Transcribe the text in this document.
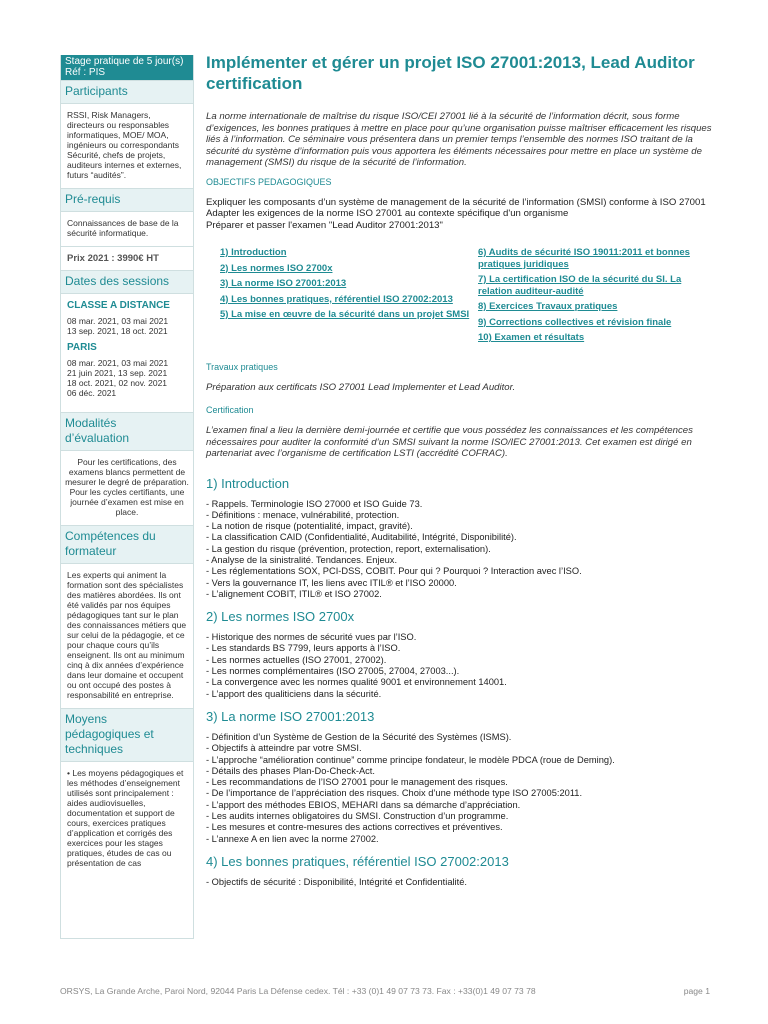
Stage pratique de 5 jour(s)
Réf : PIS
Participants
RSSI, Risk Managers, directeurs ou responsables informatiques, MOE/ MOA, ingénieurs ou correspondants Sécurité, chefs de projets, auditeurs internes et externes, futurs “audités”.
Pré-requis
Connaissances de base de la sécurité informatique.
Prix 2021 : 3990€ HT
Dates des sessions
CLASSE A DISTANCE
08 mar. 2021, 03 mai 2021
13 sep. 2021, 18 oct. 2021
PARIS
08 mar. 2021, 03 mai 2021
21 juin 2021, 13 sep. 2021
18 oct. 2021, 02 nov. 2021
06 déc. 2021
Modalités
d’évaluation
Pour les certifications, des examens blancs permettent de mesurer le degré de préparation. Pour les cycles certifiants, une journée d’examen est mise en place.
Compétences du
formateur
Les experts qui animent la formation sont des spécialistes des matières abordées. Ils ont été validés par nos équipes pédagogiques tant sur le plan des connaissances métiers que sur celui de la pédagogie, et ce pour chaque cours qu’ils enseignent. Ils ont au minimum cinq à dix années d’expérience dans leur domaine et occupent ou ont occupé des postes à responsabilité en entreprise.
Moyens
pédagogiques et
techniques
• Les moyens pédagogiques et les méthodes d’enseignement utilisés sont principalement : aides audiovisuelles, documentation et support de cours, exercices pratiques d’application et corrigés des exercices pour les stages pratiques, études de cas ou présentation de cas
Implémenter et gérer un projet ISO 27001:2013, Lead Auditor certification
La norme internationale de maîtrise du risque ISO/CEI 27001 lié à la sécurité de l’information décrit, sous forme d’exigences, les bonnes pratiques à mettre en place pour qu’une organisation puisse maîtriser efficacement les risques liés à l’information. Ce séminaire vous présentera dans un premier temps l’ensemble des normes ISO traitant de la sécurité du système d’information puis vous apportera les éléments nécessaires pour mettre en place un système de management (SMSI) du risque de la sécurité de l’information.
OBJECTIFS PEDAGOGIQUES
Expliquer les composants d’un système de management de la sécurité de l’information (SMSI) conforme à ISO 27001
Adapter les exigences de la norme ISO 27001 au contexte spécifique d'un organisme
Préparer et passer l'examen "Lead Auditor 27001:2013"
1) Introduction
2) Les normes ISO 2700x
3) La norme ISO 27001:2013
4) Les bonnes pratiques, référentiel ISO 27002:2013
5) La mise en œuvre de la sécurité dans un projet SMSI
6) Audits de sécurité ISO 19011:2011 et bonnes pratiques juridiques
7) La certification ISO de la sécurité du SI. La relation auditeur-audité
8) Exercices Travaux pratiques
9) Corrections collectives et révision finale
10) Examen et résultats
Travaux pratiques
Préparation aux certificats ISO 27001 Lead Implementer et Lead Auditor.
Certification
L’examen final a lieu la dernière demi-journée et certifie que vous possédez les connaissances et les compétences nécessaires pour auditer la conformité d’un SMSI suivant la norme ISO/IEC 27001:2013. Cet examen est dirigé en partenariat avec l’organisme de certification LSTI (accrédité COFRAC).
1) Introduction
- Rappels. Terminologie ISO 27000 et ISO Guide 73.
- Définitions : menace, vulnérabilité, protection.
- La notion de risque (potentialité, impact, gravité).
- La classification CAID (Confidentialité, Auditabilité, Intégrité, Disponibilité).
- La gestion du risque (prévention, protection, report, externalisation).
- Analyse de la sinistralité. Tendances. Enjeux.
- Les réglementations SOX, PCI-DSS, COBIT. Pour qui ? Pourquoi ? Interaction avec l’ISO.
- Vers la gouvernance IT, les liens avec ITIL® et l’ISO 20000.
- L’alignement COBIT, ITIL® et ISO 27002.
2) Les normes ISO 2700x
- Historique des normes de sécurité vues par l’ISO.
- Les standards BS 7799, leurs apports à l’ISO.
- Les normes actuelles (ISO 27001, 27002).
- Les normes complémentaires (ISO 27005, 27004, 27003...).
- La convergence avec les normes qualité 9001 et environnement 14001.
- L’apport des qualiticiens dans la sécurité.
3) La norme ISO 27001:2013
- Définition d’un Système de Gestion de la Sécurité des Systèmes (ISMS).
- Objectifs à atteindre par votre SMSI.
- L’approche “amélioration continue” comme principe fondateur, le modèle PDCA (roue de Deming).
- Détails des phases Plan-Do-Check-Act.
- Les recommandations de l’ISO 27001 pour le management des risques.
- De l’importance de l’appréciation des risques. Choix d’une méthode type ISO 27005:2011.
- L’apport des méthodes EBIOS, MEHARI dans sa démarche d’appréciation.
- Les audits internes obligatoires du SMSI. Construction d’un programme.
- Les mesures et contre-mesures des actions correctives et préventives.
- L’annexe A en lien avec la norme 27002.
4) Les bonnes pratiques, référentiel ISO 27002:2013
- Objectifs de sécurité : Disponibilité, Intégrité et Confidentialité.
ORSYS, La Grande Arche, Paroi Nord, 92044 Paris La Défense cedex. Tél : +33 (0)1 49 07 73 73. Fax : +33(0)1 49 07 73 78	page 1
